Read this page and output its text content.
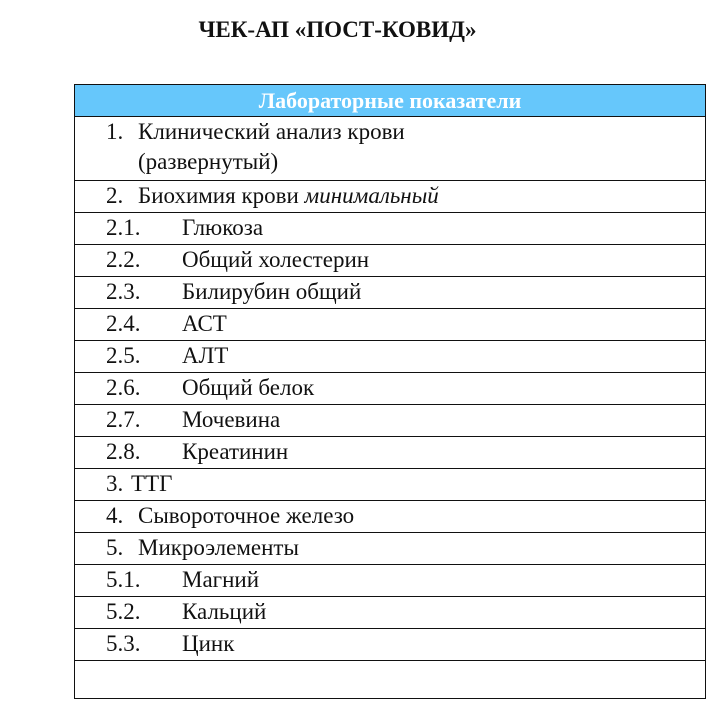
ЧЕК-АП «ПОСТ-КОВИД»
Лабораторные показатели

1. Клинический анализ крови (развернутый)

2. Биохимия крови минимальный

2.1.	Глюкоза

2.2.	Общий холестерин

2.3.	Билирубин общий

2.4.	АСТ

2.5.	АЛТ

2.6.	Общий белок

2.7.	Мочевина

2.8.	Креатинин

3. ТТГ

4. Сывороточное железо

5. Микроэлементы

5.1.	Магний

5.2.	Кальций

5.3.	Цинк
